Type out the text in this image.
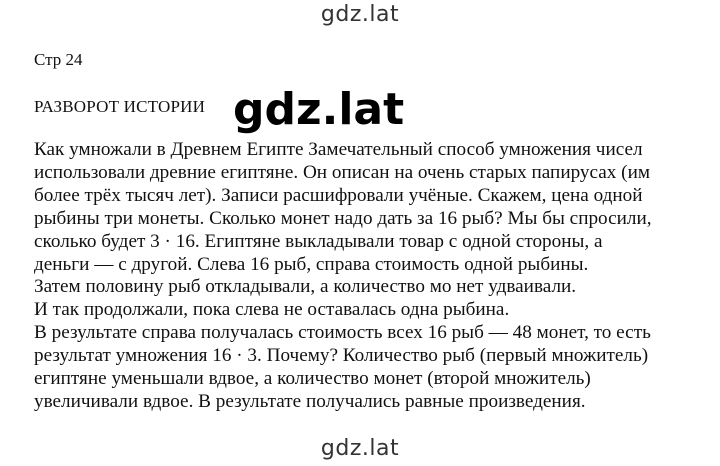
gdz.lat
Стр 24
РАЗВОРОТ ИСТОРИИ gdz.lat
Как умножали в Древнем Египте Замечательный способ умножения чисел
использовали древние египтяне. Он описан на очень старых папирусах (им
более трёх тысяч лет). Записи расшифровали учёные. Скажем, цена одной
рыбины три монеты. Сколько монет надо дать за 16 рыб? Мы бы спросили,
сколько будет 3 · 16. Египтяне выкладывали товар с одной стороны, а
деньги — с другой. Слева 16 рыб, справа стоимость одной рыбины.
Затем половину рыб откладывали, а количество мо нет удваивали.
И так продолжали, пока слева не оставалась одна рыбина.
В результате справа получалась стоимость всех 16 рыб — 48 монет, то есть
результат умножения 16 · 3. Почему? Количество рыб (первый множитель)
египтяне уменьшали вдвое, а количество монет (второй множитель)
увеличивали вдвое. В результате получались равные произведения.
gdz.lat
